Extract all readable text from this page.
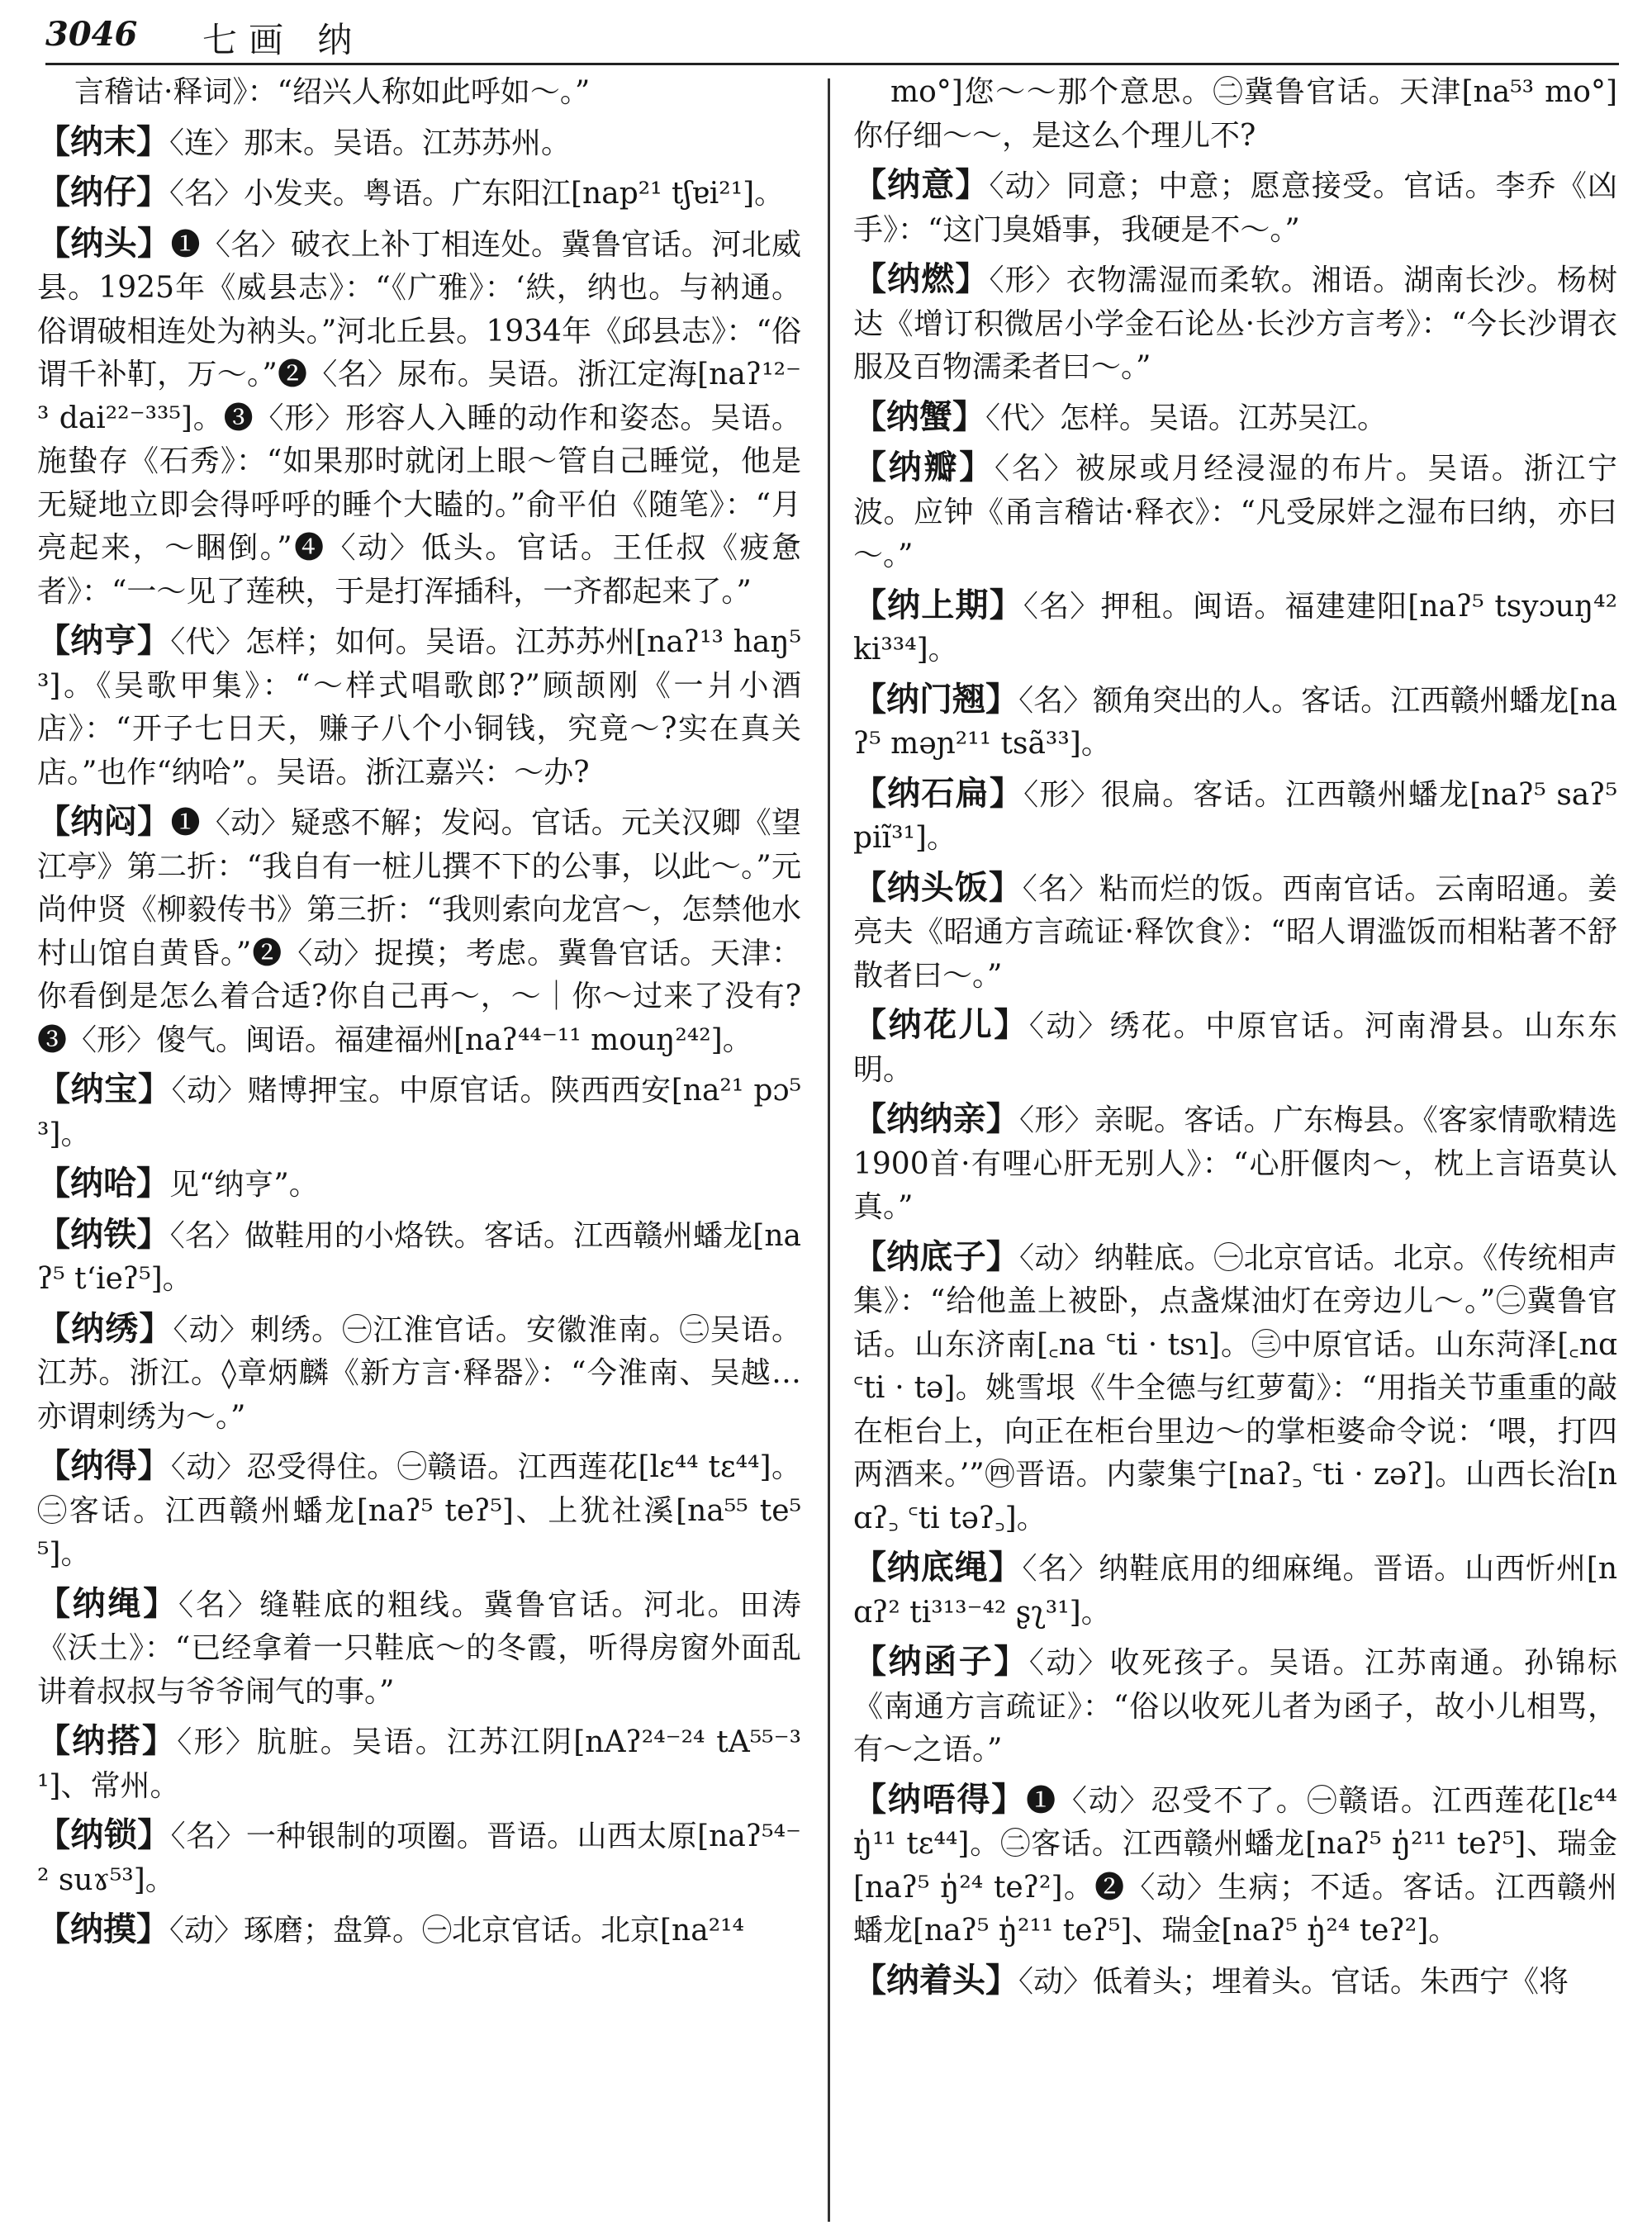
3046 七画 纳

言稽诂·释词》：“绍兴人称如此呼如～。”

【纳末】〈连〉那末。吴语。江苏苏州。

【纳仔】〈名〉小发夹。粤语。广东阳江[nap²¹ tʃɐi²¹]。

【纳头】❶〈名〉破衣上补丁相连处。冀鲁官话。河北威县。1925年《威县志》：“《广雅》：‘紩，纳也。与衲通。俗谓破相连处为衲头。”河北丘县。1934年《邱县志》：“俗谓千补靪，万～。”❷〈名〉尿布。吴语。浙江定海[naʔ¹²⁻³ dai²²⁻³³⁵]。❸〈形〉形容人入睡的动作和姿态。吴语。施蛰存《石秀》：“如果那时就闭上眼～管自己睡觉，他是无疑地立即会得呼呼的睡个大瞌的。”俞平伯《随笔》：“月亮起来，～睏倒。”❹〈动〉低头。官话。王任叔《疲惫者》：“一～见了莲秧，于是打浑插科，一齐都起来了。”

【纳亨】〈代〉怎样；如何。吴语。江苏苏州[naʔ¹³ haŋ⁵³]。《吴歌甲集》：“～样式唱歌郎?”顾颉刚《一爿小酒店》：“开子七日天，赚子八个小铜钱，究竟～?实在真关店。”也作“纳哈”。吴语。浙江嘉兴：～办?

【纳闷】❶〈动〉疑惑不解；发闷。官话。元关汉卿《望江亭》第二折：“我自有一桩儿撰不下的公事，以此～。”元尚仲贤《柳毅传书》第三折：“我则索向龙宫～，怎禁他水村山馆自黄昏。”❷〈动〉捉摸；考虑。冀鲁官话。天津：你看倒是怎么着合适?你自己再～，～｜你～过来了没有?❸〈形〉傻气。闽语。福建福州[naʔ⁴⁴⁻¹¹ mouŋ²⁴²]。

【纳宝】〈动〉赌博押宝。中原官话。陕西西安[na²¹ pɔ⁵³]。

【纳哈】见“纳亨”。

【纳铁】〈名〉做鞋用的小烙铁。客话。江西赣州蟠龙[naʔ⁵ tʻieʔ⁵]。

【纳绣】〈动〉刺绣。㊀江淮官话。安徽淮南。㊁吴语。江苏。浙江。◊章炳麟《新方言·释器》：“今淮南、吴越…亦谓刺绣为～。”

【纳得】〈动〉忍受得住。㊀赣语。江西莲花[lɛ⁴⁴ tɛ⁴⁴]。㊁客话。江西赣州蟠龙[naʔ⁵ teʔ⁵]、上犹社溪[na⁵⁵ te⁵⁵]。

【纳绳】〈名〉缝鞋底的粗线。冀鲁官话。河北。田涛《沃土》：“已经拿着一只鞋底～的冬霞，听得房窗外面乱讲着叔叔与爷爷闹气的事。”

【纳搭】〈形〉肮脏。吴语。江苏江阴[nAʔ²⁴⁻²⁴ tA⁵⁵⁻³¹]、常州。

【纳锁】〈名〉一种银制的项圈。晋语。山西太原[naʔ⁵⁴⁻² suɤ⁵³]。

【纳摸】〈动〉琢磨；盘算。㊀北京官话。北京[na²¹⁴

mo°]您～～那个意思。㊁冀鲁官话。天津[na⁵³ mo°]你仔细～～，是这么个理儿不?

【纳意】〈动〉同意；中意；愿意接受。官话。李乔《凶手》：“这门臭婚事，我硬是不～。”

【纳燃】〈形〉衣物濡湿而柔软。湘语。湖南长沙。杨树达《增订积微居小学金石论丛·长沙方言考》：“今长沙谓衣服及百物濡柔者曰～。”

【纳蟹】〈代〉怎样。吴语。江苏吴江。

【纳瓣】〈名〉被尿或月经浸湿的布片。吴语。浙江宁波。应钟《甬言稽诂·释衣》：“凡受尿姅之湿布曰纳，亦曰～。”

【纳上期】〈名〉押租。闽语。福建建阳[naʔ⁵ tsyɔuŋ⁴² ki³³⁴]。

【纳门翘】〈名〉额角突出的人。客话。江西赣州蟠龙[naʔ⁵ məɲ²¹¹ tsã³³]。

【纳石扁】〈形〉很扁。客话。江西赣州蟠龙[naʔ⁵ saʔ⁵ piĩ³¹]。

【纳头饭】〈名〉粘而烂的饭。西南官话。云南昭通。姜亮夫《昭通方言疏证·释饮食》：“昭人谓滥饭而相粘著不舒散者曰～。”

【纳花儿】〈动〉绣花。中原官话。河南滑县。山东东明。

【纳纳亲】〈形〉亲昵。客话。广东梅县。《客家情歌精选1900首·有哩心肝无别人》：“心肝偃肉～，枕上言语莫认真。”

【纳底子】〈动〉纳鞋底。㊀北京官话。北京。《传统相声集》：“给他盖上被卧，点盏煤油灯在旁边儿～。”㊁冀鲁官话。山东济南[꜀na ꜂ti · tsɿ]。㊂中原官话。山东菏泽[꜀nɑ ꜂ti · tə]。姚雪垠《牛全德与红萝蔔》：“用指关节重重的敲在柜台上，向正在柜台里边～的掌柜婆命令说：‘喂，打四两酒来。’”㊃晋语。内蒙集宁[naʔ꜆ ꜂ti · zəʔ]。山西长治[nɑʔ꜆ ꜂ti təʔ꜆]。

【纳底绳】〈名〉纳鞋底用的细麻绳。晋语。山西忻州[nɑʔ² ti³¹³⁻⁴² ʂʅ³¹]。

【纳函子】〈动〉收死孩子。吴语。江苏南通。孙锦标《南通方言疏证》：“俗以收死儿者为函子，故小儿相骂，有～之语。”

【纳唔得】❶〈动〉忍受不了。㊀赣语。江西莲花[lɛ⁴⁴ ŋ̍¹¹ tɛ⁴⁴]。㊁客话。江西赣州蟠龙[naʔ⁵ ŋ̍²¹¹ teʔ⁵]、瑞金[naʔ⁵ ŋ̍²⁴ teʔ²]。❷〈动〉生病；不适。客话。江西赣州蟠龙[naʔ⁵ ŋ̍²¹¹ teʔ⁵]、瑞金[naʔ⁵ ŋ̍²⁴ teʔ²]。

【纳着头】〈动〉低着头；埋着头。官话。朱西宁《将
